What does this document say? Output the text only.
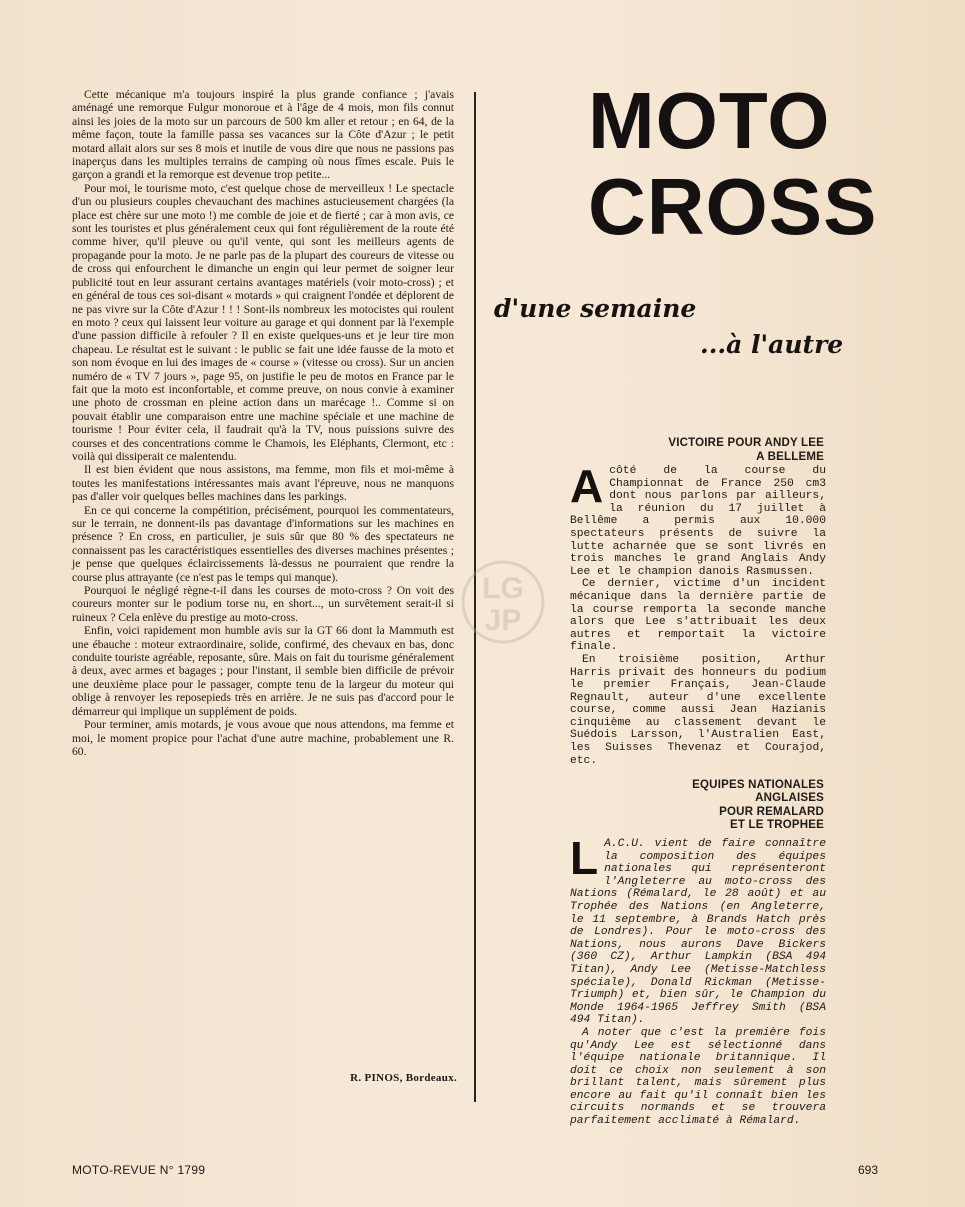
Cette mécanique m'a toujours inspiré la plus grande confiance ; j'avais aménagé une remorque Fulgur monoroue et à l'âge de 4 mois, mon fils connut ainsi les joies de la moto sur un parcours de 500 km aller et retour ; en 64, de la même façon, toute la famille passa ses vacances sur la Côte d'Azur ; le petit motard allait alors sur ses 8 mois et inutile de vous dire que nous ne passions pas inaperçus dans les multiples terrains de camping où nous fîmes escale. Puis le garçon a grandi et la remorque est devenue trop petite...

Pour moi, le tourisme moto, c'est quelque chose de merveilleux ! Le spectacle d'un ou plusieurs couples chevauchant des machines astucieusement chargées (la place est chère sur une moto !) me comble de joie et de fierté ; car à mon avis, ce sont les touristes et plus généralement ceux qui font régulièrement de la route été comme hiver, qu'il pleuve ou qu'il vente, qui sont les meilleurs agents de propagande pour la moto. Je ne parle pas de la plupart des coureurs de vitesse ou de cross qui enfourchent le dimanche un engin qui leur permet de soigner leur publicité tout en leur assurant certains avantages matériels (voir moto-cross) ; et en général de tous ces soi-disant « motards » qui craignent l'ondée et déplorent de ne pas vivre sur la Côte d'Azur ! ! ! Sont-ils nombreux les motocistes qui roulent en moto ? ceux qui laissent leur voiture au garage et qui donnent par là l'exemple d'une passion difficile à refouler ? Il en existe quelques-uns et je leur tire mon chapeau. Le résultat est le suivant : le public se fait une idée fausse de la moto et son nom évoque en lui des images de « course » (vitesse ou cross). Sur un ancien numéro de « TV 7 jours », page 95, on justifie le peu de motos en France par le fait que la moto est inconfortable, et comme preuve, on nous convie à examiner une photo de crossman en pleine action dans un marécage !.. Comme si on pouvait établir une comparaison entre une machine spéciale et une machine de tourisme ! Pour éviter cela, il faudrait qu'à la TV, nous puissions suivre des courses et des concentrations comme le Chamois, les Eléphants, Clermont, etc : voilà qui dissiperait ce malentendu.

Il est bien évident que nous assistons, ma femme, mon fils et moi-même à toutes les manifestations intéressantes mais avant l'épreuve, nous ne manquons pas d'aller voir quelques belles machines dans les parkings.

En ce qui concerne la compétition, précisément, pourquoi les commentateurs, sur le terrain, ne donnent-ils pas davantage d'informations sur les machines en présence ? En cross, en particulier, je suis sûr que 80 % des spectateurs ne connaissent pas les caractéristiques essentielles des diverses machines présentes ; je pense que quelques éclaircissements là-dessus ne pourraient que rendre la course plus attrayante (ce n'est pas le temps qui manque).

Pourquoi le négligé règne-t-il dans les courses de moto-cross ? On voit des coureurs monter sur le podium torse nu, en short..., un survêtement serait-il si ruineux ? Cela enlève du prestige au moto-cross.

Enfin, voici rapidement mon humble avis sur la GT 66 dont la Mammuth est une ébauche : moteur extraordinaire, solide, confirmé, des chevaux en bas, donc conduite touriste agréable, reposante, sûre. Mais on fait du tourisme généralement à deux, avec armes et bagages ; pour l'instant, il semble bien difficile de prévoir une deuxième place pour le passager, compte tenu de la largeur du moteur qui oblige à renvoyer les reposepieds très en arrière. Je ne suis pas d'accord pour le démarreur qui implique un supplément de poids.

Pour terminer, amis motards, je vous avoue que nous attendons, ma femme et moi, le moment propice pour l'achat d'une autre machine, probablement une R. 60.

R. PINOS, Bordeaux.
LG
JP
MOTO
CROSS
d'une semaine
...à l'autre
VICTOIRE POUR ANDY LEE
A BELLEME

Acôté de la course du Championnat de France 250 cm3 dont nous parlons par ailleurs, la réunion du 17 juillet à Bellême a permis aux 10.000 spectateurs présents de suivre la lutte acharnée que se sont livrés en trois manches le grand Anglais Andy Lee et le champion danois Rasmussen.

Ce dernier, victime d'un incident mécanique dans la dernière partie de la course remporta la seconde manche alors que Lee s'attribuait les deux autres et remportait la victoire finale.

En troisième position, Arthur Harris privait des honneurs du podium le premier Français, Jean-Claude Regnault, auteur d'une excellente course, comme aussi Jean Hazianis cinquième au classement devant le Suédois Larsson, l'Australien East, les Suisses Thevenaz et Courajod, etc.

EQUIPES NATIONALES
ANGLAISES
POUR REMALARD
ET LE TROPHEE

L A.C.U. vient de faire connaître la composition des équipes nationales qui représenteront l'Angleterre au moto-cross des Nations (Rémalard, le 28 août) et au Trophée des Nations (en Angleterre, le 11 septembre, à Brands Hatch près de Londres). Pour le moto-cross des Nations, nous aurons Dave Bickers (360 CZ), Arthur Lampkin (BSA 494 Titan), Andy Lee (Metisse-Matchless spéciale), Donald Rickman (Metisse-Triumph) et, bien sûr, le Champion du Monde 1964-1965 Jeffrey Smith (BSA 494 Titan).

A noter que c'est la première fois qu'Andy Lee est sélectionné dans l'équipe nationale britannique. Il doit ce choix non seulement à son brillant talent, mais sûrement plus encore au fait qu'il connaît bien les circuits normands et se trouvera parfaitement acclimaté à Rémalard.

MOTO-REVUE N° 1799	693
